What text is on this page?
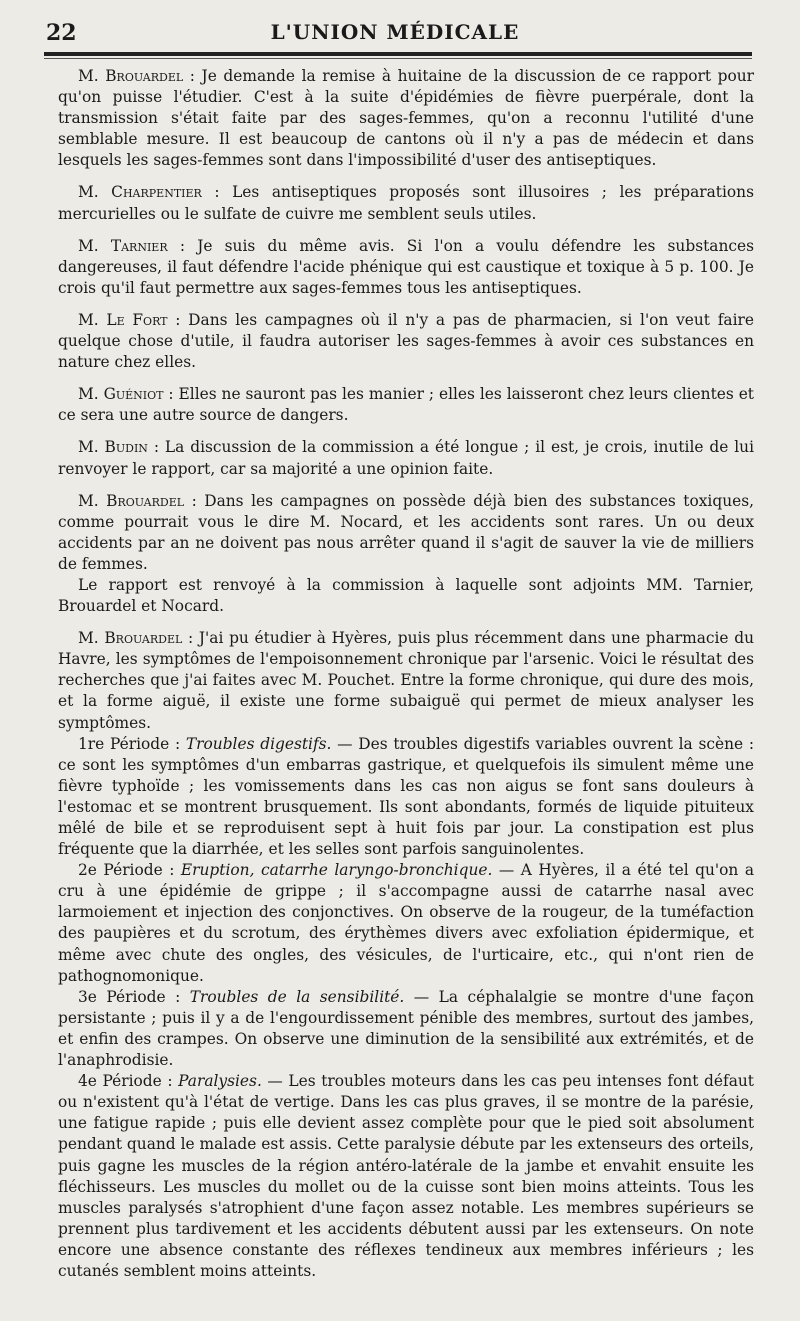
22	L'UNION MÉDICALE

M. Brouardel : Je demande la remise à huitaine de la discussion de ce rapport pour qu'on puisse l'étudier. C'est à la suite d'épidémies de fièvre puerpérale, dont la transmission s'était faite par des sages-femmes, qu'on a reconnu l'utilité d'une semblable mesure. Il est beaucoup de cantons où il n'y a pas de médecin et dans lesquels les sages-femmes sont dans l'impossibilité d'user des antiseptiques.

M. Charpentier : Les antiseptiques proposés sont illusoires ; les préparations mercurielles ou le sulfate de cuivre me semblent seuls utiles.

M. Tarnier : Je suis du même avis. Si l'on a voulu défendre les substances dangereuses, il faut défendre l'acide phénique qui est caustique et toxique à 5 p. 100. Je crois qu'il faut permettre aux sages-femmes tous les antiseptiques.

M. Le Fort : Dans les campagnes où il n'y a pas de pharmacien, si l'on veut faire quelque chose d'utile, il faudra autoriser les sages-femmes à avoir ces substances en nature chez elles.

M. Guéniot : Elles ne sauront pas les manier ; elles les laisseront chez leurs clientes et ce sera une autre source de dangers.

M. Budin : La discussion de la commission a été longue ; il est, je crois, inutile de lui renvoyer le rapport, car sa majorité a une opinion faite.

M. Brouardel : Dans les campagnes on possède déjà bien des substances toxiques, comme pourrait vous le dire M. Nocard, et les accidents sont rares. Un ou deux accidents par an ne doivent pas nous arrêter quand il s'agit de sauver la vie de milliers de femmes.

Le rapport est renvoyé à la commission à laquelle sont adjoints MM. Tarnier, Brouardel et Nocard.

M. Brouardel : J'ai pu étudier à Hyères, puis plus récemment dans une pharmacie du Havre, les symptômes de l'empoisonnement chronique par l'arsenic. Voici le résultat des recherches que j'ai faites avec M. Pouchet. Entre la forme chronique, qui dure des mois, et la forme aiguë, il existe une forme subaiguë qui permet de mieux analyser les symptômes.

1re Période : Troubles digestifs. — Des troubles digestifs variables ouvrent la scène : ce sont les symptômes d'un embarras gastrique, et quelquefois ils simulent même une fièvre typhoïde ; les vomissements dans les cas non aigus se font sans douleurs à l'estomac et se montrent brusquement. Ils sont abondants, formés de liquide pituiteux mêlé de bile et se reproduisent sept à huit fois par jour. La constipation est plus fréquente que la diarrhée, et les selles sont parfois sanguinolentes.

2e Période : Eruption, catarrhe laryngo-bronchique. — A Hyères, il a été tel qu'on a cru à une épidémie de grippe ; il s'accompagne aussi de catarrhe nasal avec larmoiement et injection des conjonctives. On observe de la rougeur, de la tuméfaction des paupières et du scrotum, des érythèmes divers avec exfoliation épidermique, et même avec chute des ongles, des vésicules, de l'urticaire, etc., qui n'ont rien de pathognomonique.

3e Période : Troubles de la sensibilité. — La céphalalgie se montre d'une façon persistante ; puis il y a de l'engourdissement pénible des membres, surtout des jambes, et enfin des crampes. On observe une diminution de la sensibilité aux extrémités, et de l'anaphrodisie.

4e Période : Paralysies. — Les troubles moteurs dans les cas peu intenses font défaut ou n'existent qu'à l'état de vertige. Dans les cas plus graves, il se montre de la parésie, une fatigue rapide ; puis elle devient assez complète pour que le pied soit absolument pendant quand le malade est assis. Cette paralysie débute par les extenseurs des orteils, puis gagne les muscles de la région antéro-latérale de la jambe et envahit ensuite les fléchisseurs. Les muscles du mollet ou de la cuisse sont bien moins atteints. Tous les muscles paralysés s'atrophient d'une façon assez notable. Les membres supérieurs se prennent plus tardivement et les accidents débutent aussi par les extenseurs. On note encore une absence constante des réflexes tendineux aux membres inférieurs ; les cutanés semblent moins atteints.
